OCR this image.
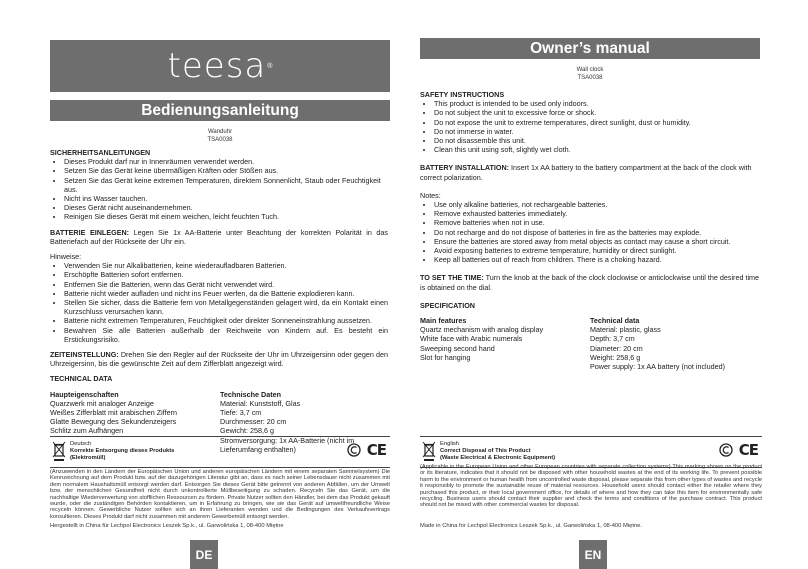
teesa ®
Bedienungsanleitung
Wanduhr
TSA0038

SICHERHEITSANLEITUNGEN

• Dieses Produkt darf nur in Innenräumen verwendet werden.
• Setzen Sie das Gerät keine übermäßigen Kräften oder Stößen aus.
• Setzen Sie das Gerät keine extremen Temperaturen, direktem Sonnenlicht, Staub oder Feuchtigkeit aus.
• Nicht ins Wasser tauchen.
• Dieses Gerät nicht auseinandernehmen.
• Reinigen Sie dieses Gerät mit einem weichen, leicht feuchten Tuch.

BATTERIE EINLEGEN: Legen Sie 1x AA-Batterie unter Beachtung der korrekten Polarität in das Batteriefach auf der Rückseite der Uhr ein.

Hinweise:

• Verwenden Sie nur Alkalibatterien, keine wiederaufladbaren Batterien.
• Erschöpfte Batterien sofort entfernen.
• Entfernen Sie die Batterien, wenn das Gerät nicht verwendet wird.
• Batterie nicht wieder aufladen und nicht ins Feuer werfen, da die Batterie explodieren kann.
• Stellen Sie sicher, dass die Batterie fern von Metallgegenständen gelagert wird, da ein Kontakt einen Kurzschluss verursachen kann.
• Batterie nicht extremen Temperaturen, Feuchtigkeit oder direkter Sonneneinstrahlung aussetzen.
• Bewahren Sie alle Batterien außerhalb der Reichweite von Kindern auf. Es besteht ein Erstickungsrisiko.

ZEITEINSTELLUNG: Drehen Sie den Regler auf der Rückseite der Uhr im Uhrzeigersinn oder gegen den Uhrzeigersinn, bis die gewünschte Zeit auf dem Zifferblatt angezeigt wird.

TECHNICAL DATA

Haupteigenschaften

Quarzwerk mit analoger Anzeige

Weißes Zifferblatt mit arabischen Ziffern

Glatte Bewegung des Sekundenzeigers

Schlitz zum Aufhängen

Technische Daten

Material: Kunststoff, Glas

Tiefe: 3,7 cm

Durchmesser: 20 cm

Gewicht: 258,6 g

Stromversorgung: 1x AA-Batterie (nicht im Lieferumfang enthalten)

Deutsch
Korrekte Entsorgung dieses Produkts
(Elektromüll)	CE
(Anzuwenden in den Ländern der Europäischen Union und anderen europäischen Ländern mit einem separaten Sammelsystem) Die Kennzeichnung auf dem Produkt bzw. auf der dazugehörigen Literatur gibt an, dass es nach seiner Lebensdauer nicht zusammen mit dem normalem Haushaltsmüll entsorgt werden darf. Entsorgen Sie dieses Gerät bitte getrennt von anderen Abfällen, um der Umwelt bzw. der menschlichen Gesundheit nicht durch unkontrollierte Müllbeseitigung zu schaden. Recyceln Sie das Gerät, um die nachhaltige Wiederverwertung von stofflichen Ressourcen zu fördern. Private Nutzer sollten den Händler, bei dem das Produkt gekauft wurde, oder die zuständigen Behörden kontaktieren, um in Erfahrung zu bringen, wie sie das Gerät auf umweltfreundliche Weise recyceln können. Gewerbliche Nutzer sollten sich an ihren Lieferanten wenden und die Bedingungen des Verkaufsvertrags konsultieren. Dieses Produkt darf nicht zusammen mit anderem Gewerbemüll entsorgt werden.
Hergestellt in China für Lechpol Electronics Leszek Sp.k., ul. Garwolińska 1, 08-400 Miętne
DE
Owner’s manual
Wall clock
TSA0038

SAFETY INSTRUCTIONS

• This product is intended to be used only indoors.
• Do not subject the unit to excessive force or shock.
• Do not expose the unit to extreme temperatures, direct sunlight, dust or humidity.
• Do not immerse in water.
• Do not disassemble this unit.
• Clean this unit using soft, slightly wet cloth.

BATTERY INSTALLATION: Insert 1x AA battery to the battery compartment at the back of the clock with correct polarization.

Notes:

• Use only alkaline batteries, not rechargeable batteries.
• Remove exhausted batteries immediately.
• Remove batteries when not in use.
• Do not recharge and do not dispose of batteries in fire as the batteries may explode.
• Ensure the batteries are stored away from metal objects as contact may cause a short circuit.
• Avoid exposing batteries to extreme temperature, humidity or direct sunlight.
• Keep all batteries out of reach from children. There is a choking hazard.

TO SET THE TIME: Turn the knob at the back of the clock clockwise or anticlockwise until the desired time is obtained on the dial.

SPECIFICATION

Main features

Quartz mechanism with analog display

White face with Arabic numerals

Sweeping second hand

Slot for hanging

Technical data

Material: plastic, glass

Depth: 3,7 cm

Diameter: 20 cm

Weight: 258,6 g

Power supply: 1x AA battery (not included)

English
Correct Disposal of This Product
(Waste Electrical & Electronic Equipment)	CE
(Applicable in the European Union and other European countries with separate collection systems) This marking shown on the product or its literature, indicates that it should not be disposed with other household wastes at the end of its working life. To prevent possible harm to the environment or human health from uncontrolled waste disposal, please separate this from other types of wastes and recycle it responsibly to promote the sustainable reuse of material resources. Household users should contact either the retailer where they purchased this product, or their local government office, for details of where and how they can take this item for environmentally safe recycling. Business users should contact their supplier and check the terms and conditions of the purchase contract. This product should not be mixed with other commercial wastes for disposal.
Made in China for Lechpol Electronics Leszek Sp.k., ul. Garwolińska 1, 08-400 Miętne.
EN
